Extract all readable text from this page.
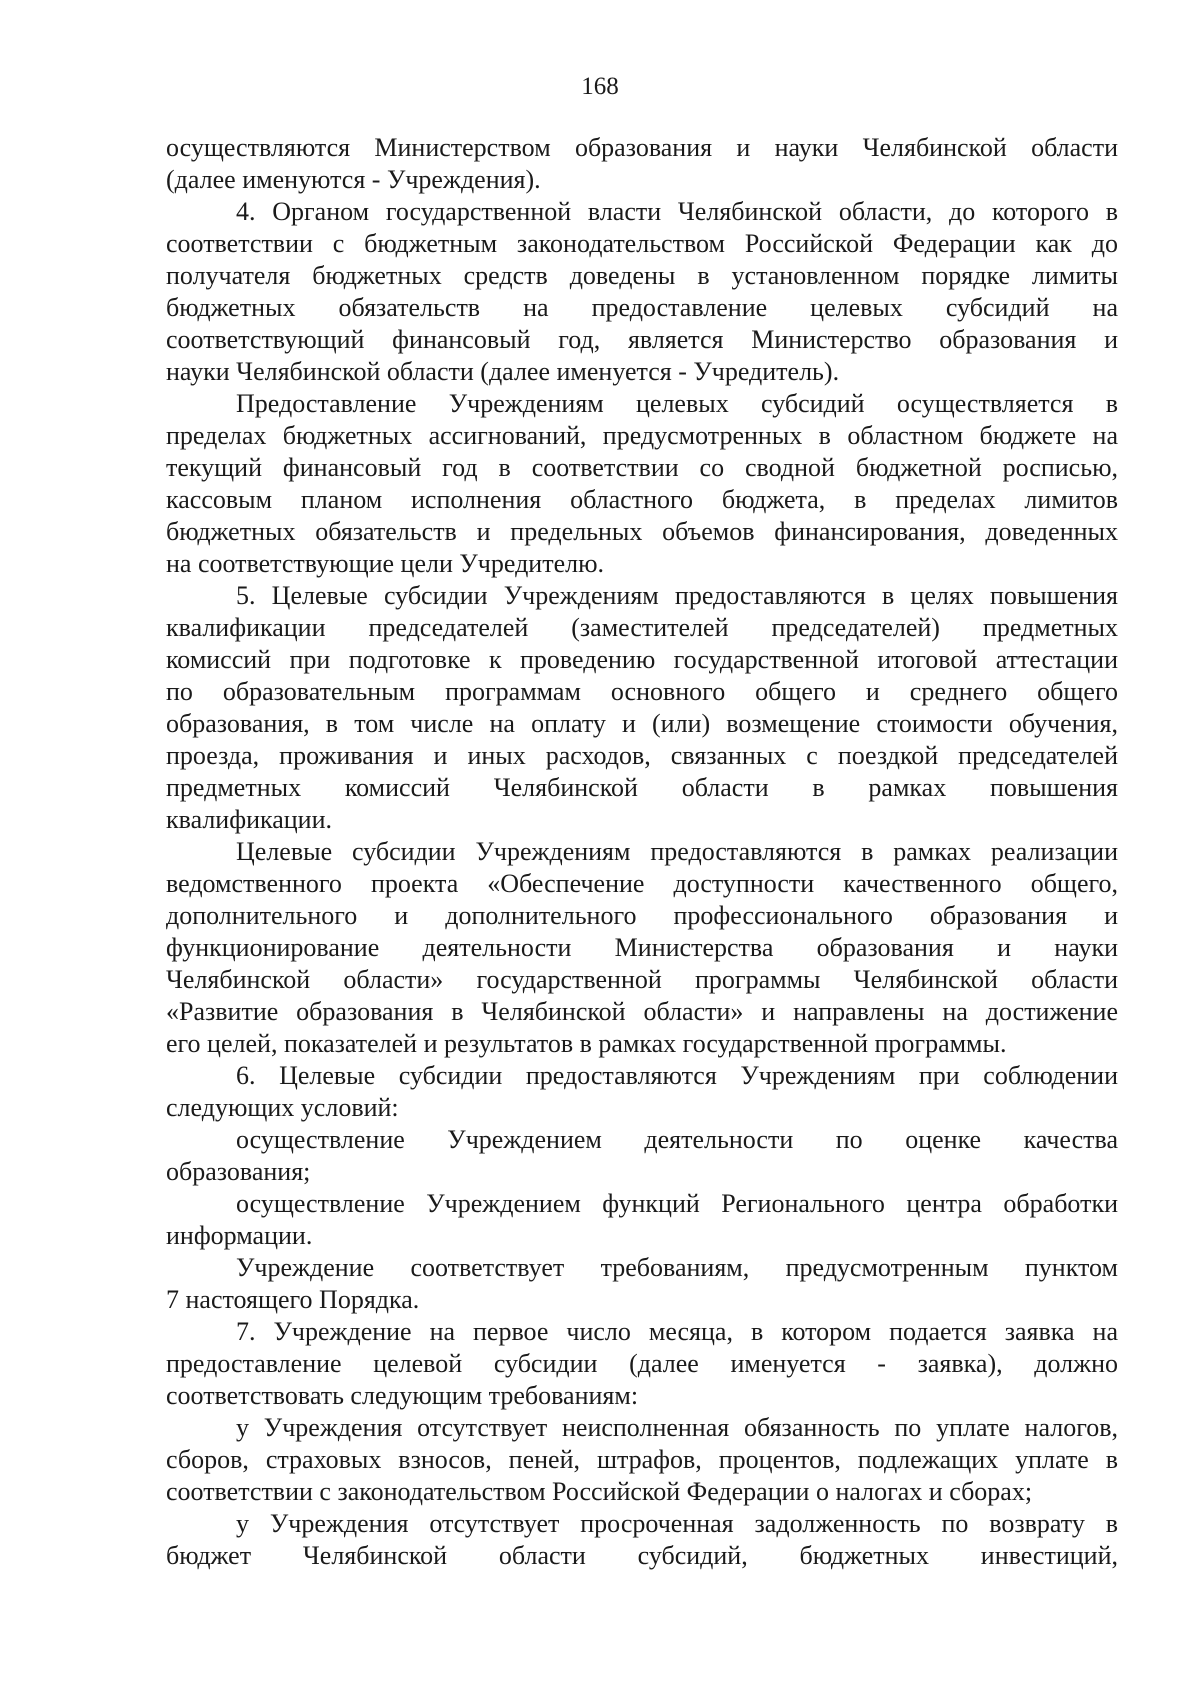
168
осуществляются Министерством образования и науки Челябинской области
(далее именуются - Учреждения).
4. Органом государственной власти Челябинской области, до которого в
соответствии с бюджетным законодательством Российской Федерации как до
получателя бюджетных средств доведены в установленном порядке лимиты
бюджетных обязательств на предоставление целевых субсидий на
соответствующий финансовый год, является Министерство образования и
науки Челябинской области (далее именуется - Учредитель).
Предоставление Учреждениям целевых субсидий осуществляется в
пределах бюджетных ассигнований, предусмотренных в областном бюджете на
текущий финансовый год в соответствии со сводной бюджетной росписью,
кассовым планом исполнения областного бюджета, в пределах лимитов
бюджетных обязательств и предельных объемов финансирования, доведенных
на соответствующие цели Учредителю.
5. Целевые субсидии Учреждениям предоставляются в целях повышения
квалификации председателей (заместителей председателей) предметных
комиссий при подготовке к проведению государственной итоговой аттестации
по образовательным программам основного общего и среднего общего
образования, в том числе на оплату и (или) возмещение стоимости обучения,
проезда, проживания и иных расходов, связанных с поездкой председателей
предметных комиссий Челябинской области в рамках повышения
квалификации.
Целевые субсидии Учреждениям предоставляются в рамках реализации
ведомственного проекта «Обеспечение доступности качественного общего,
дополнительного и дополнительного профессионального образования и
функционирование деятельности Министерства образования и науки
Челябинской области» государственной программы Челябинской области
«Развитие образования в Челябинской области» и направлены на достижение
его целей, показателей и результатов в рамках государственной программы.
6. Целевые субсидии предоставляются Учреждениям при соблюдении
следующих условий:
осуществление Учреждением деятельности по оценке качества
образования;
осуществление Учреждением функций Регионального центра обработки
информации.
Учреждение соответствует требованиям, предусмотренным пунктом
7 настоящего Порядка.
7. Учреждение на первое число месяца, в котором подается заявка на
предоставление целевой субсидии (далее именуется - заявка), должно
соответствовать следующим требованиям:
у Учреждения отсутствует неисполненная обязанность по уплате налогов,
сборов, страховых взносов, пеней, штрафов, процентов, подлежащих уплате в
соответствии с законодательством Российской Федерации о налогах и сборах;
у Учреждения отсутствует просроченная задолженность по возврату в
бюджет Челябинской области субсидий, бюджетных инвестиций,
